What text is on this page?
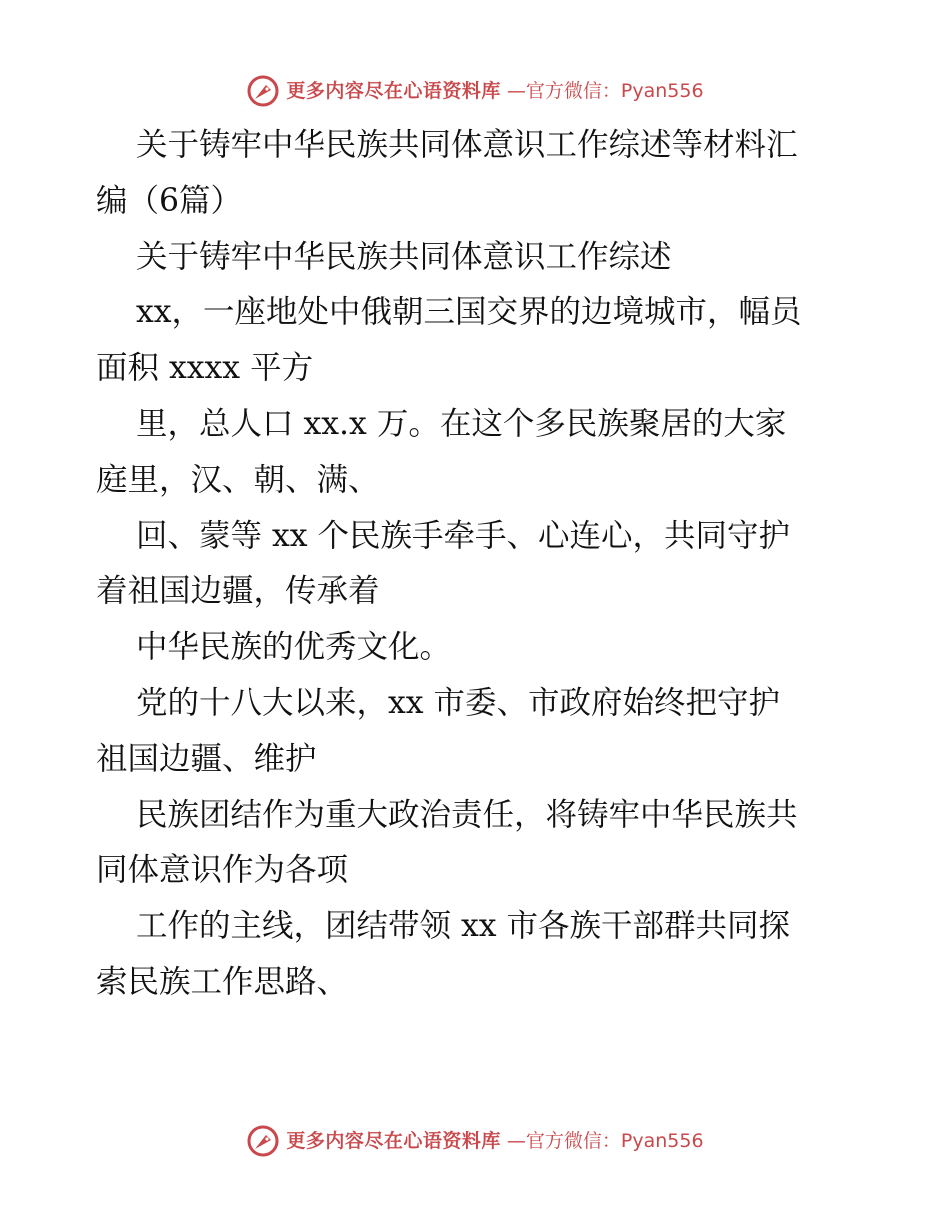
更多内容尽在心语资料库 —官方微信：Pyan556
关于铸牢中华民族共同体意识工作综述等材料汇
编（6篇）
关于铸牢中华民族共同体意识工作综述
xx，一座地处中俄朝三国交界的边境城市，幅员
面积 xxxx 平方
里，总人口 xx.x 万。在这个多民族聚居的大家
庭里，汉、朝、满、
回、蒙等 xx 个民族手牵手、心连心，共同守护
着祖国边疆，传承着
中华民族的优秀文化。
党的十八大以来，xx 市委、市政府始终把守护
祖国边疆、维护
民族团结作为重大政治责任，将铸牢中华民族共
同体意识作为各项
工作的主线，团结带领 xx 市各族干部群共同探
索民族工作思路、
更多内容尽在心语资料库 —官方微信：Pyan556
